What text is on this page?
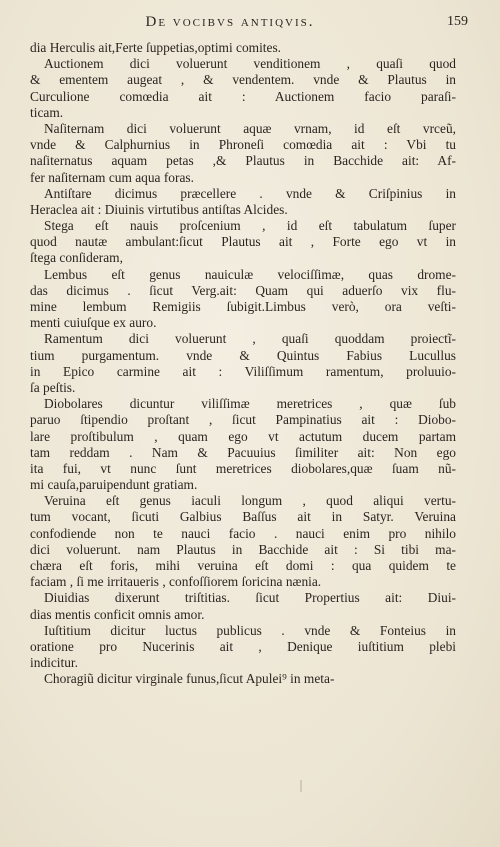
De vocibvs antiqvis.	159
dia Herculis ait,Ferte ſuppetias,optimi comites.
Auctionem dici voluerunt venditionem , quaſi quod
& ementem augeat , & vendentem. vnde & Plautus in
Curculione comœdia ait : Auctionem facio paraſi-
ticam.
Naſiternam dici voluerunt aquæ vrnam, id eſt vrceũ,
vnde & Calphurnius in Phroneſi comœdia ait : Vbi tu
naſiternatus aquam petas ,& Plautus in Bacchide ait: Af-
fer naſiternam cum aqua foras.
Antiſtare dicimus præcellere . vnde & Criſpinius in
Heraclea ait : Diuinis virtutibus antiſtas Alcides.
Stega eſt nauis proſcenium , id eſt tabulatum ſuper
quod nautæ ambulant:ſicut Plautus ait , Forte ego vt in
ſtega conſideram,
Lembus eſt genus nauiculæ velociſſimæ, quas drome-
das dicimus . ſicut Verg.ait: Quam qui aduerſo vix flu-
mine lembum Remigiis ſubigit.Limbus verò, ora veſti-
menti cuiuſque ex auro.
Ramentum dici voluerunt , quaſi quoddam proiectĩ-
tium purgamentum. vnde & Quintus Fabius Lucullus
in Epico carmine ait : Viliſſimum ramentum, proluuio-
ſa peſtis.
Diobolares dicuntur viliſſimæ meretrices , quæ ſub
paruo ſtipendio proſtant , ſicut Pampinatius ait : Diobo-
lare proſtibulum , quam ego vt actutum ducem partam
tam reddam . Nam & Pacuuius ſimiliter ait: Non ego
ita fui, vt nunc ſunt meretrices diobolares,quæ ſuam nũ-
mi cauſa,paruipendunt gratiam.
Veruina eſt genus iaculi longum , quod aliqui vertu-
tum vocant, ſicuti Galbius Baſſus ait in Satyr. Veruina
confodiende non te nauci facio . nauci enim pro nihilo
dici voluerunt. nam Plautus in Bacchide ait : Si tibi ma-
chæra eſt foris, mihi veruina eſt domi : qua quidem te
faciam , ſi me irritaueris , confoſſiorem ſoricina nænia.
Diuidias dixerunt triſtitias. ſicut Propertius ait: Diui-
dias mentis conficit omnis amor.
Iuſtitium dicitur luctus publicus . vnde & Fonteius in
oratione pro Nucerinis ait , Denique iuſtitium plebi
indicitur.
Choragiũ dicitur virginale funus,ſicut Apulei⁹ in meta-
